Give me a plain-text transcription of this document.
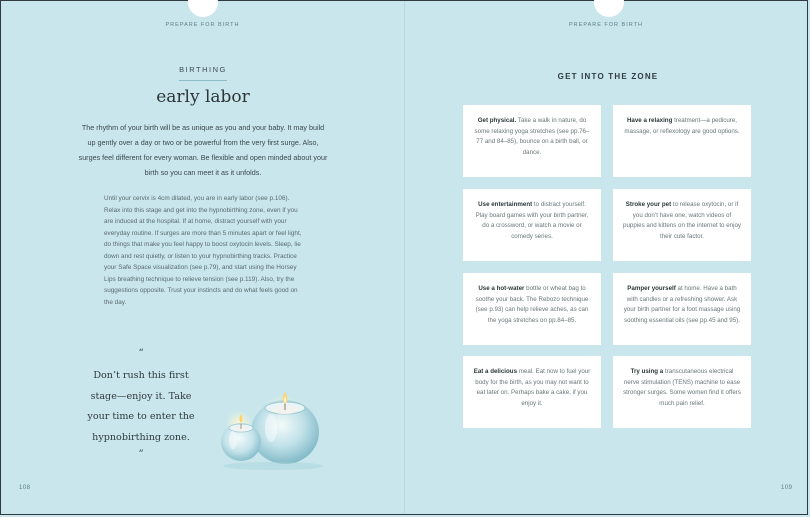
PREPARE FOR BIRTH
BIRTHING
early labor
The rhythm of your birth will be as unique as you and your baby. It may build up gently over a day or two or be powerful from the very first surge. Also, surges feel different for every woman. Be flexible and open minded about your birth so you can meet it as it unfolds.
Until your cervix is 4cm dilated, you are in early labor (see p.106). Relax into this stage and get into the hypnobirthing zone, even if you are induced at the hospital. If at home, distract yourself with your everyday routine. If surges are more than 5 minutes apart or feel light, do things that make you feel happy to boost oxytocin levels. Sleep, lie down and rest quietly, or listen to your hypnobirthing tracks. Practice your Safe Space visualization (see p.79), and start using the Horsey Lips breathing technique to relieve tension (see p.119). Also, try the suggestions opposite. Trust your instincts and do what feels good on the day.
“
Don’t rush this first stage—enjoy it. Take your time to enter the hypnobirthing zone.
”
108
PREPARE FOR BIRTH
GET INTO THE ZONE
Get physical. Take a walk in nature, do some relaxing yoga stretches (see pp.76–77 and 84–85), bounce on a birth ball, or dance.
Have a relaxing treatment—a pedicure, massage, or reflexology are good options.
Use entertainment to distract yourself. Play board games with your birth partner, do a crossword, or watch a movie or comedy series.
Stroke your pet to release oxytocin, or if you don’t have one, watch videos of puppies and kittens on the internet to enjoy their cute factor.
Use a hot-water bottle or wheat bag to soothe your back. The Rebozo technique (see p.93) can help relieve aches, as can the yoga stretches on pp.84–85.
Pamper yourself at home. Have a bath with candles or a refreshing shower. Ask your birth partner for a foot massage using soothing essential oils (see pp.45 and 95).
Eat a delicious meal. Eat now to fuel your body for the birth, as you may not want to eat later on. Perhaps bake a cake, if you enjoy it.
Try using a transcutaneous electrical nerve stimulation (TENS) machine to ease stronger surges. Some women find it offers much pain relief.
109
